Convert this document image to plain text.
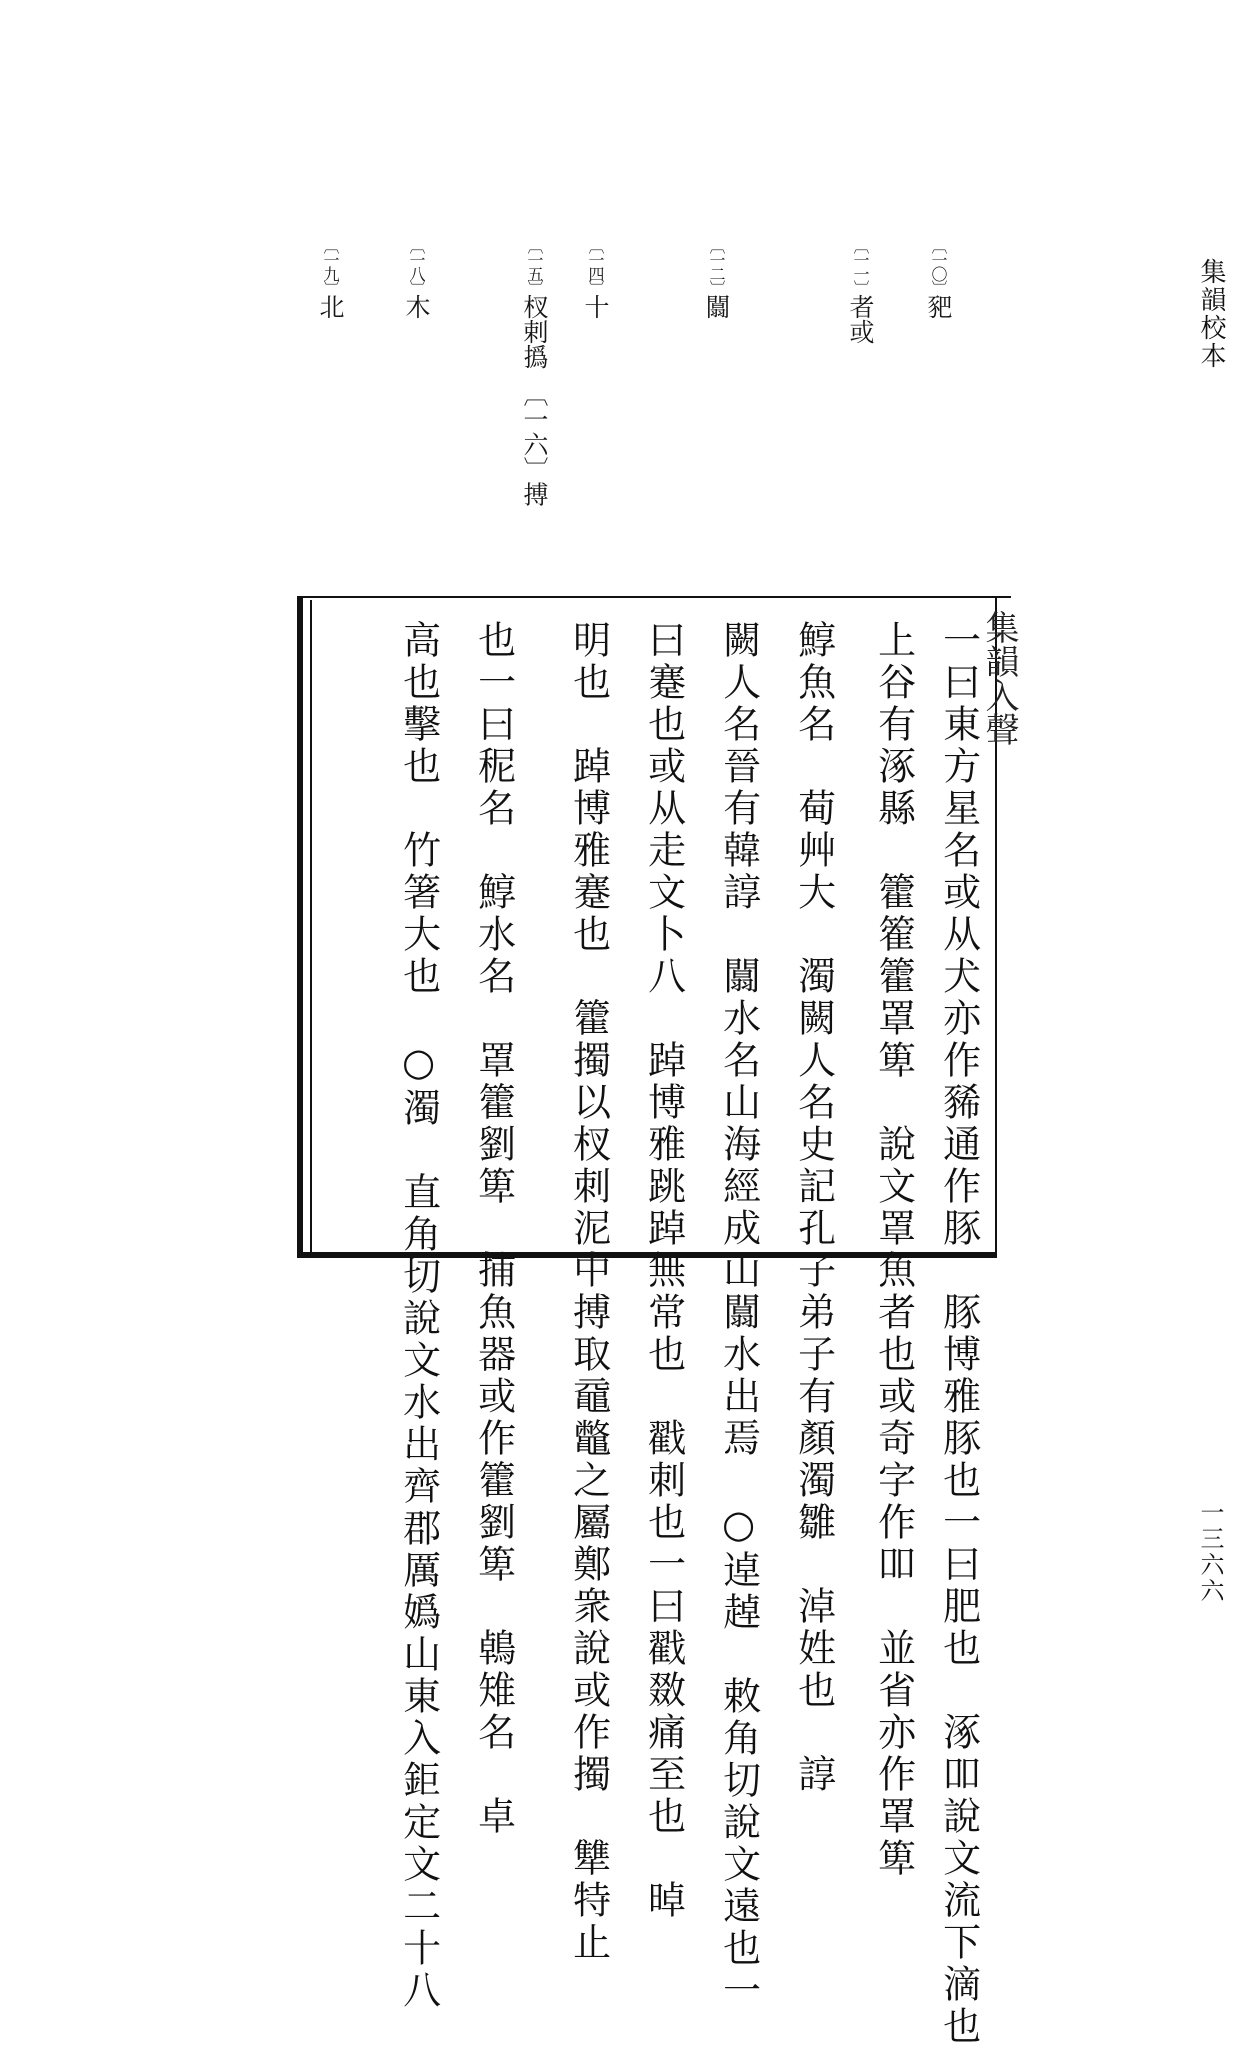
集韻校本
一三六六
〔一〇〕豝
〔一一〕者或
〔一二〕闒
〔一四〕十
〔一五〕杈剌撝　〔一六〕搏
〔一八〕木
〔一九〕北
集韻入聲
一曰東方星名或从犬亦作豨通作豚　豚博雅豚也一曰肥也　涿吅說文流下滴也
上谷有涿縣　籗篧籗罩箄　說文罩魚者也或奇字作吅　並省亦作罩箄
鯙魚名　䓒艸大　濁闕人名史記孔子弟子有顏濁雛　淖姓也　諄
闕人名晉有韓諄　闒水名山海經成山闒水出焉　○逴趠　敕角切說文遠也一
曰蹇也或从走文卜八　踔博雅跳踔無常也　戳刺也一曰戳敪痛至也　晫
明也　踔博雅蹇也　籗擉以杈刺泥中搏取黿鼈之屬鄭衆說或作擉　犨特止
也一曰秜名　鯙水名　罩籗劉箄　捕魚器或作籗劉箄　鵫雉名　卓
高也擊也　竹箸大也　○濁　直角切說文水出齊郡厲嬀山東入鉅定文二十八
